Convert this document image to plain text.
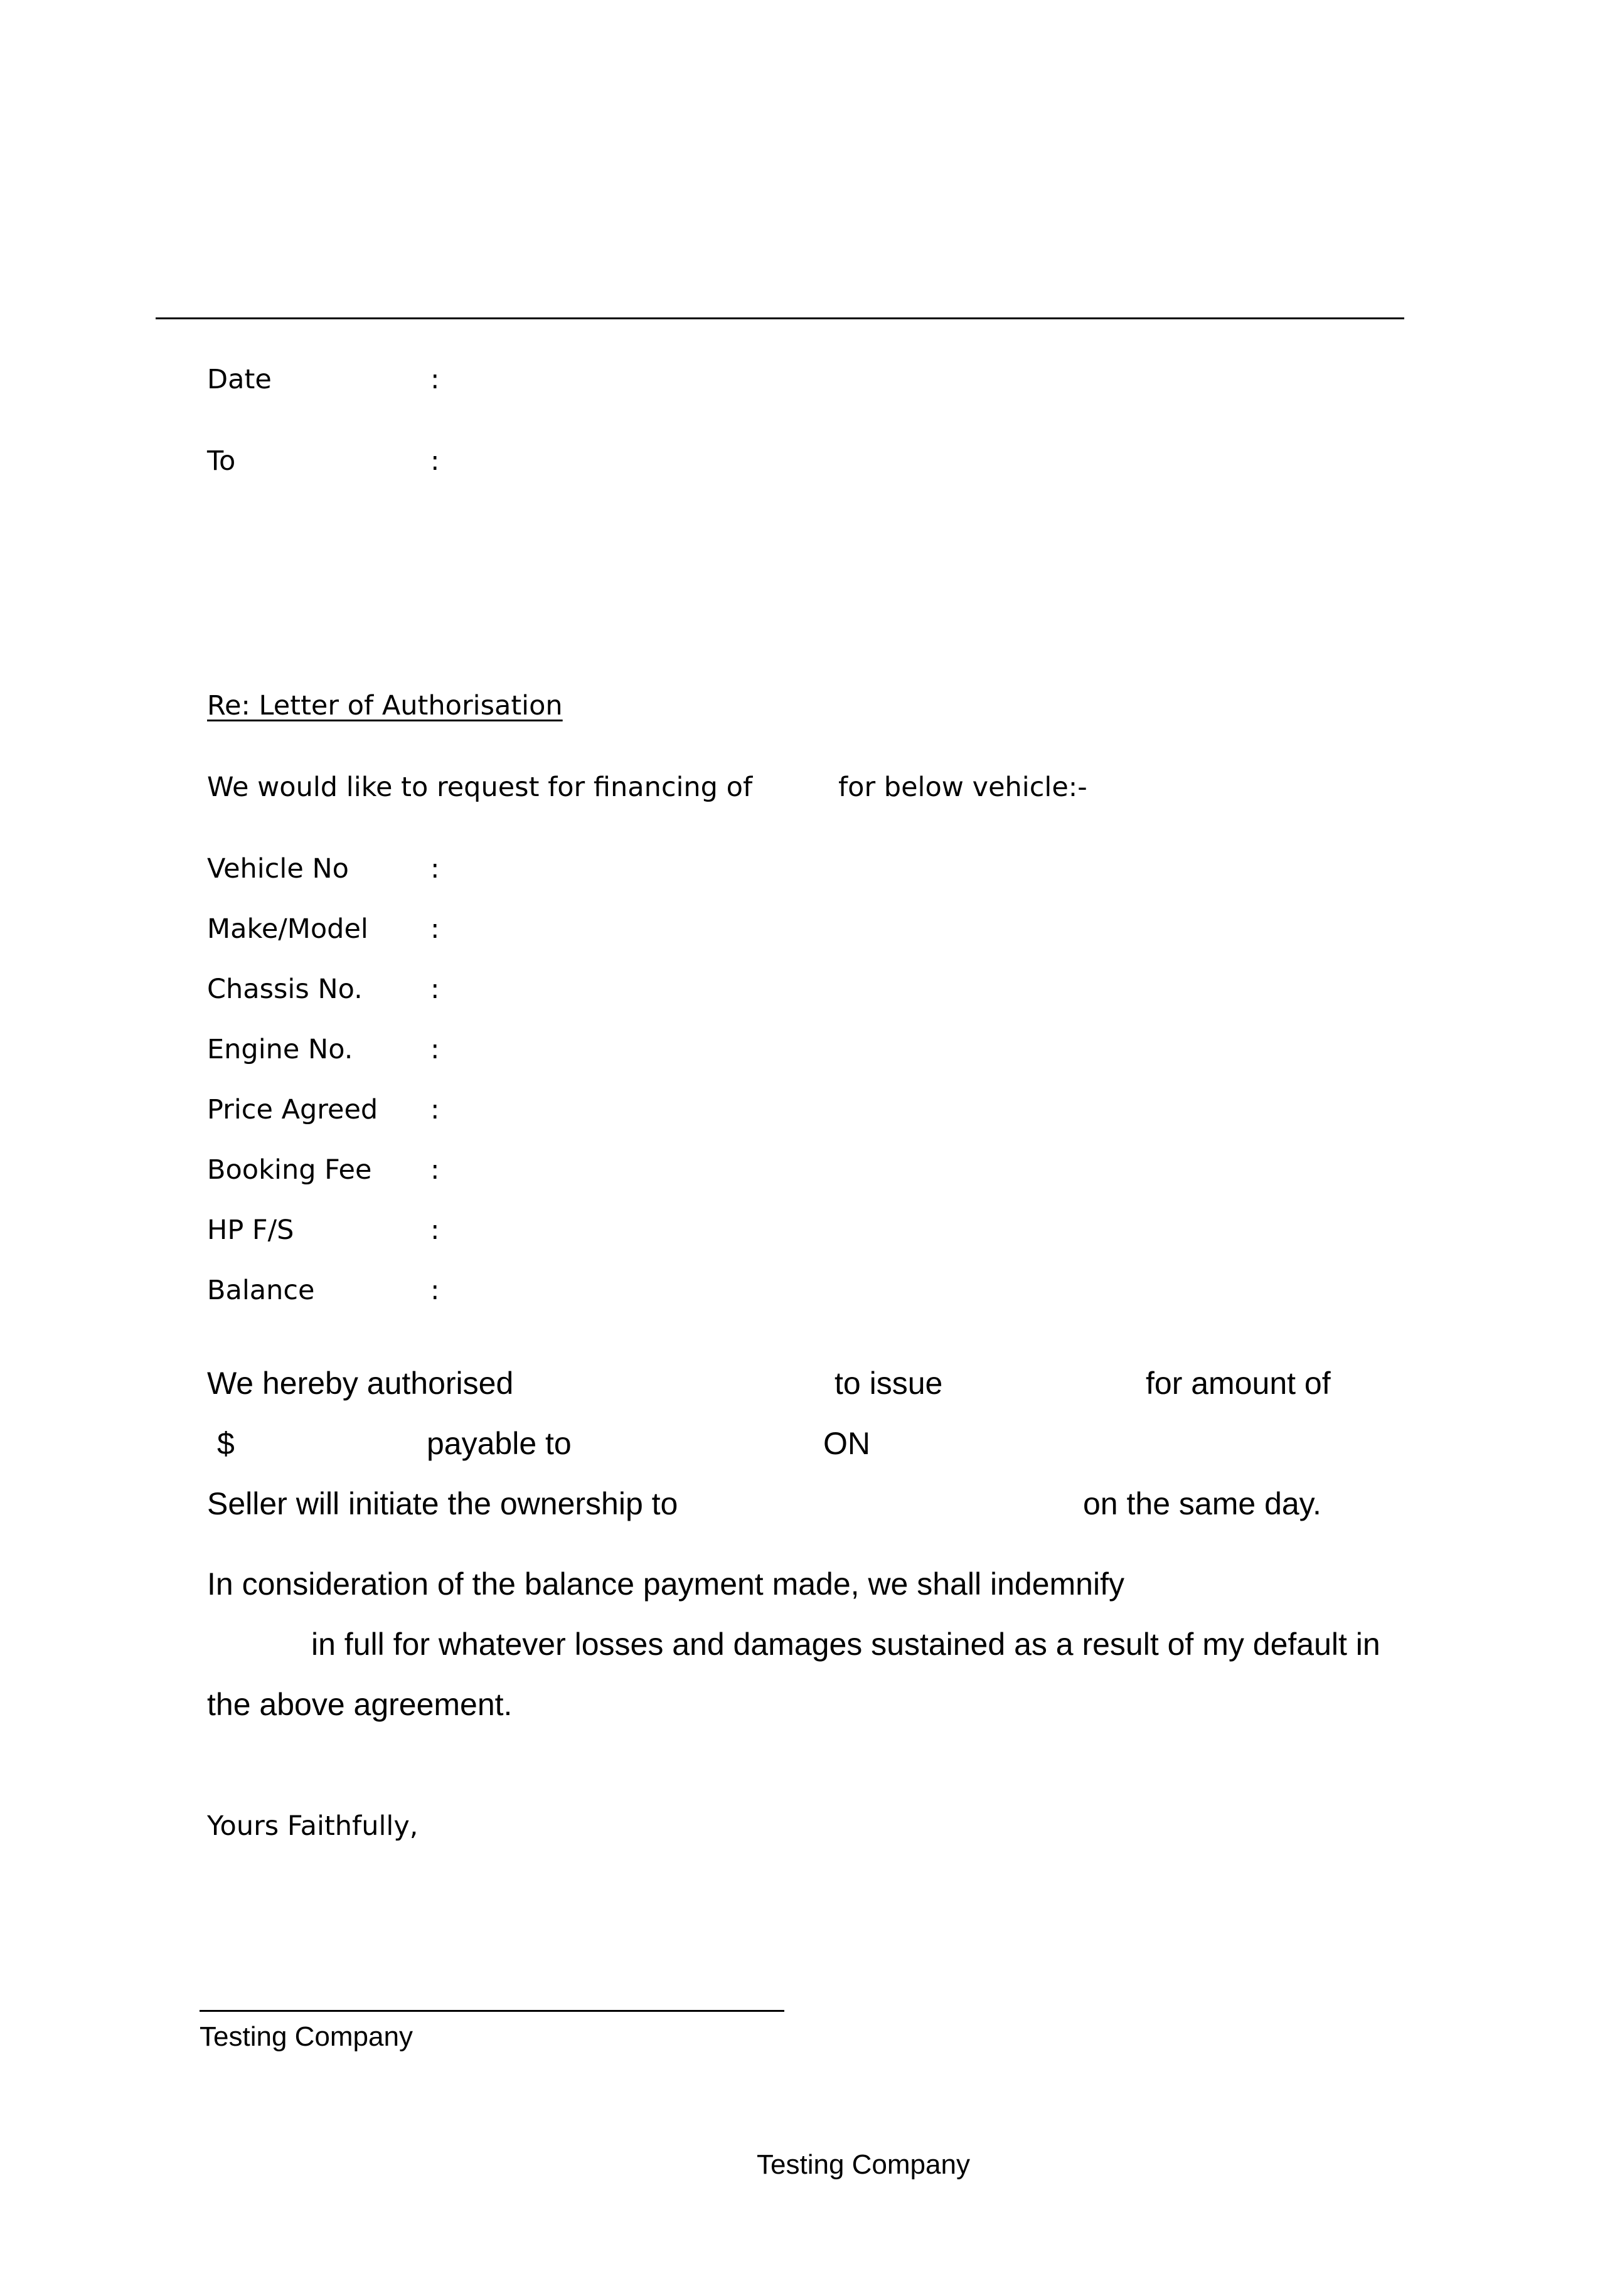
Date	:
To	:
Re: Letter of Authorisation
We would like to request for financing of	for below vehicle:-
Vehicle No	:
Make/Model :
Chassis No.	:
Engine No.	:
Price Agreed :
Booking Fee :
HP F/S	:
Balance	:
We hereby authorised	to issue	for amount of
$	payable to	ON
Seller will initiate the ownership to	on the same day.
In consideration of the balance payment made, we shall indemnify
in full for whatever losses and damages sustained as a result of my default in
the above agreement.
Yours Faithfully,
Testing Company
Testing Company
